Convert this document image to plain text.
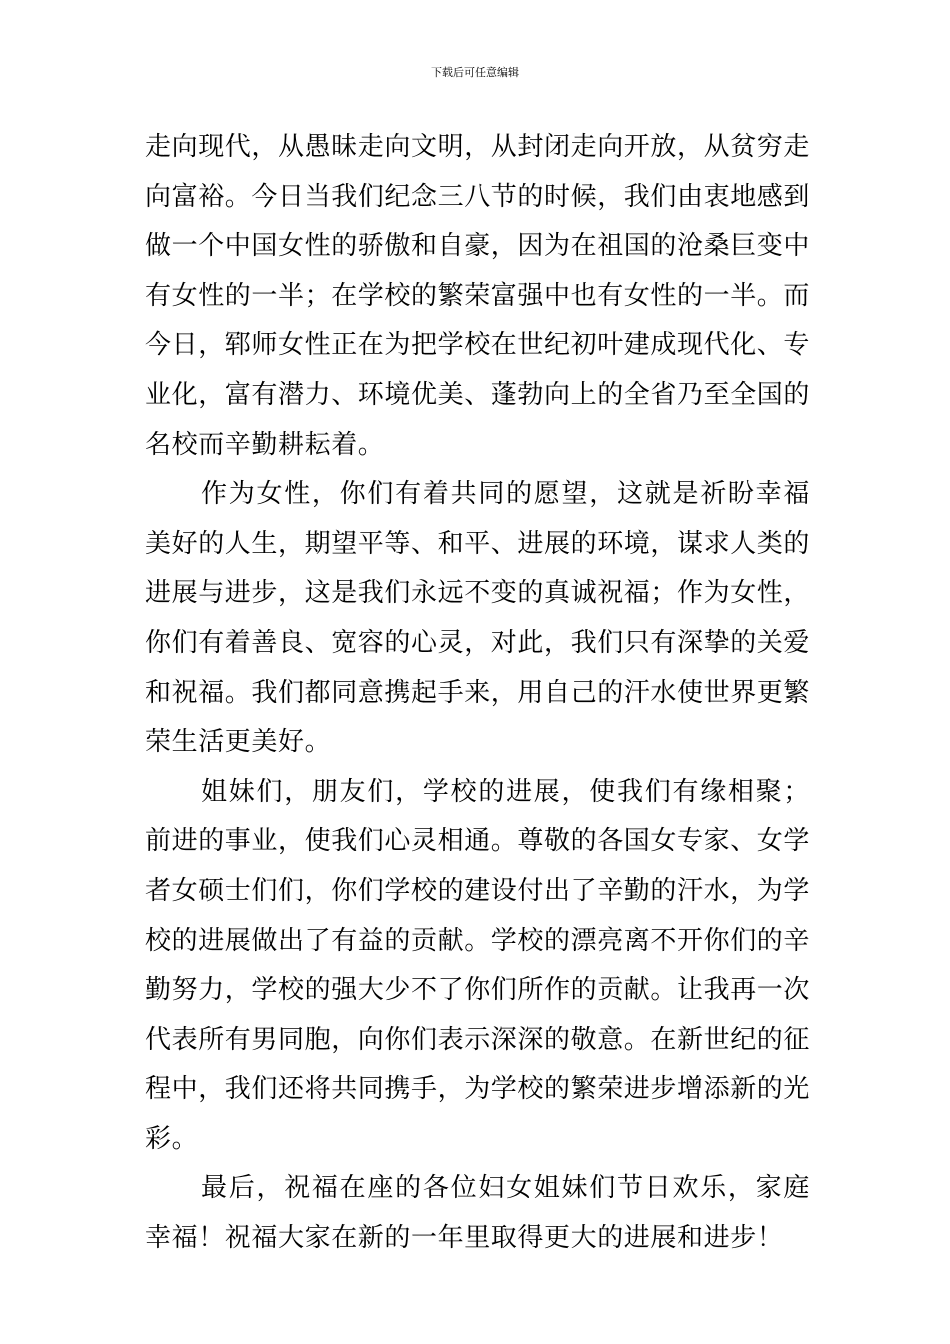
下载后可任意编辑

走向现代，从愚昧走向文明，从封闭走向开放，从贫穷走向富裕。今日当我们纪念三八节的时候，我们由衷地感到做一个中国女性的骄傲和自豪，因为在祖国的沧桑巨变中有女性的一半；在学校的繁荣富强中也有女性的一半。而今日，郓师女性正在为把学校在世纪初叶建成现代化、专业化，富有潜力、环境优美、蓬勃向上的全省乃至全国的名校而辛勤耕耘着。

作为女性，你们有着共同的愿望，这就是祈盼幸福美好的人生，期望平等、和平、进展的环境，谋求人类的进展与进步，这是我们永远不变的真诚祝福；作为女性，你们有着善良、宽容的心灵，对此，我们只有深挚的关爱和祝福。我们都同意携起手来，用自己的汗水使世界更繁荣生活更美好。

姐妹们，朋友们，学校的进展，使我们有缘相聚；前进的事业，使我们心灵相通。尊敬的各国女专家、女学者女硕士们们，你们学校的建设付出了辛勤的汗水，为学校的进展做出了有益的贡献。学校的漂亮离不开你们的辛勤努力，学校的强大少不了你们所作的贡献。让我再一次代表所有男同胞，向你们表示深深的敬意。在新世纪的征程中，我们还将共同携手，为学校的繁荣进步增添新的光彩。

最后，祝福在座的各位妇女姐妹们节日欢乐，家庭幸福！祝福大家在新的一年里取得更大的进展和进步！
